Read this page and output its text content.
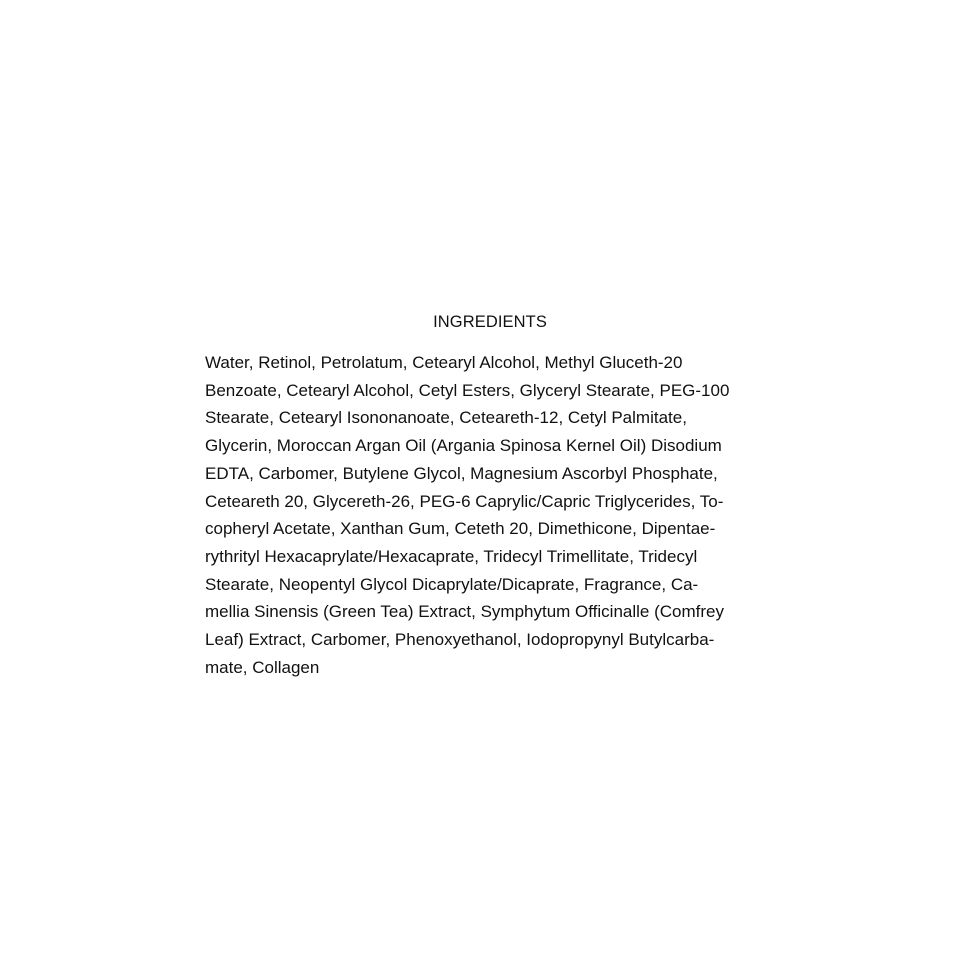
INGREDIENTS
Water, Retinol, Petrolatum, Cetearyl Alcohol, Methyl Gluceth-20
Benzoate, Cetearyl Alcohol, Cetyl Esters, Glyceryl Stearate, PEG-100
Stearate, Cetearyl Isononanoate, Ceteareth-12, Cetyl Palmitate,
Glycerin, Moroccan Argan Oil (Argania Spinosa Kernel Oil) Disodium
EDTA, Carbomer, Butylene Glycol, Magnesium Ascorbyl Phosphate,
Ceteareth 20, Glycereth-26, PEG-6 Caprylic/Capric Triglycerides, To-
copheryl Acetate, Xanthan Gum, Ceteth 20, Dimethicone, Dipentae-
rythrityl Hexacaprylate/Hexacaprate, Tridecyl Trimellitate, Tridecyl
Stearate, Neopentyl Glycol Dicaprylate/Dicaprate, Fragrance, Ca-
mellia Sinensis (Green Tea) Extract, Symphytum Officinalle (Comfrey
Leaf) Extract, Carbomer, Phenoxyethanol, Iodopropynyl Butylcarba-
mate, Collagen
